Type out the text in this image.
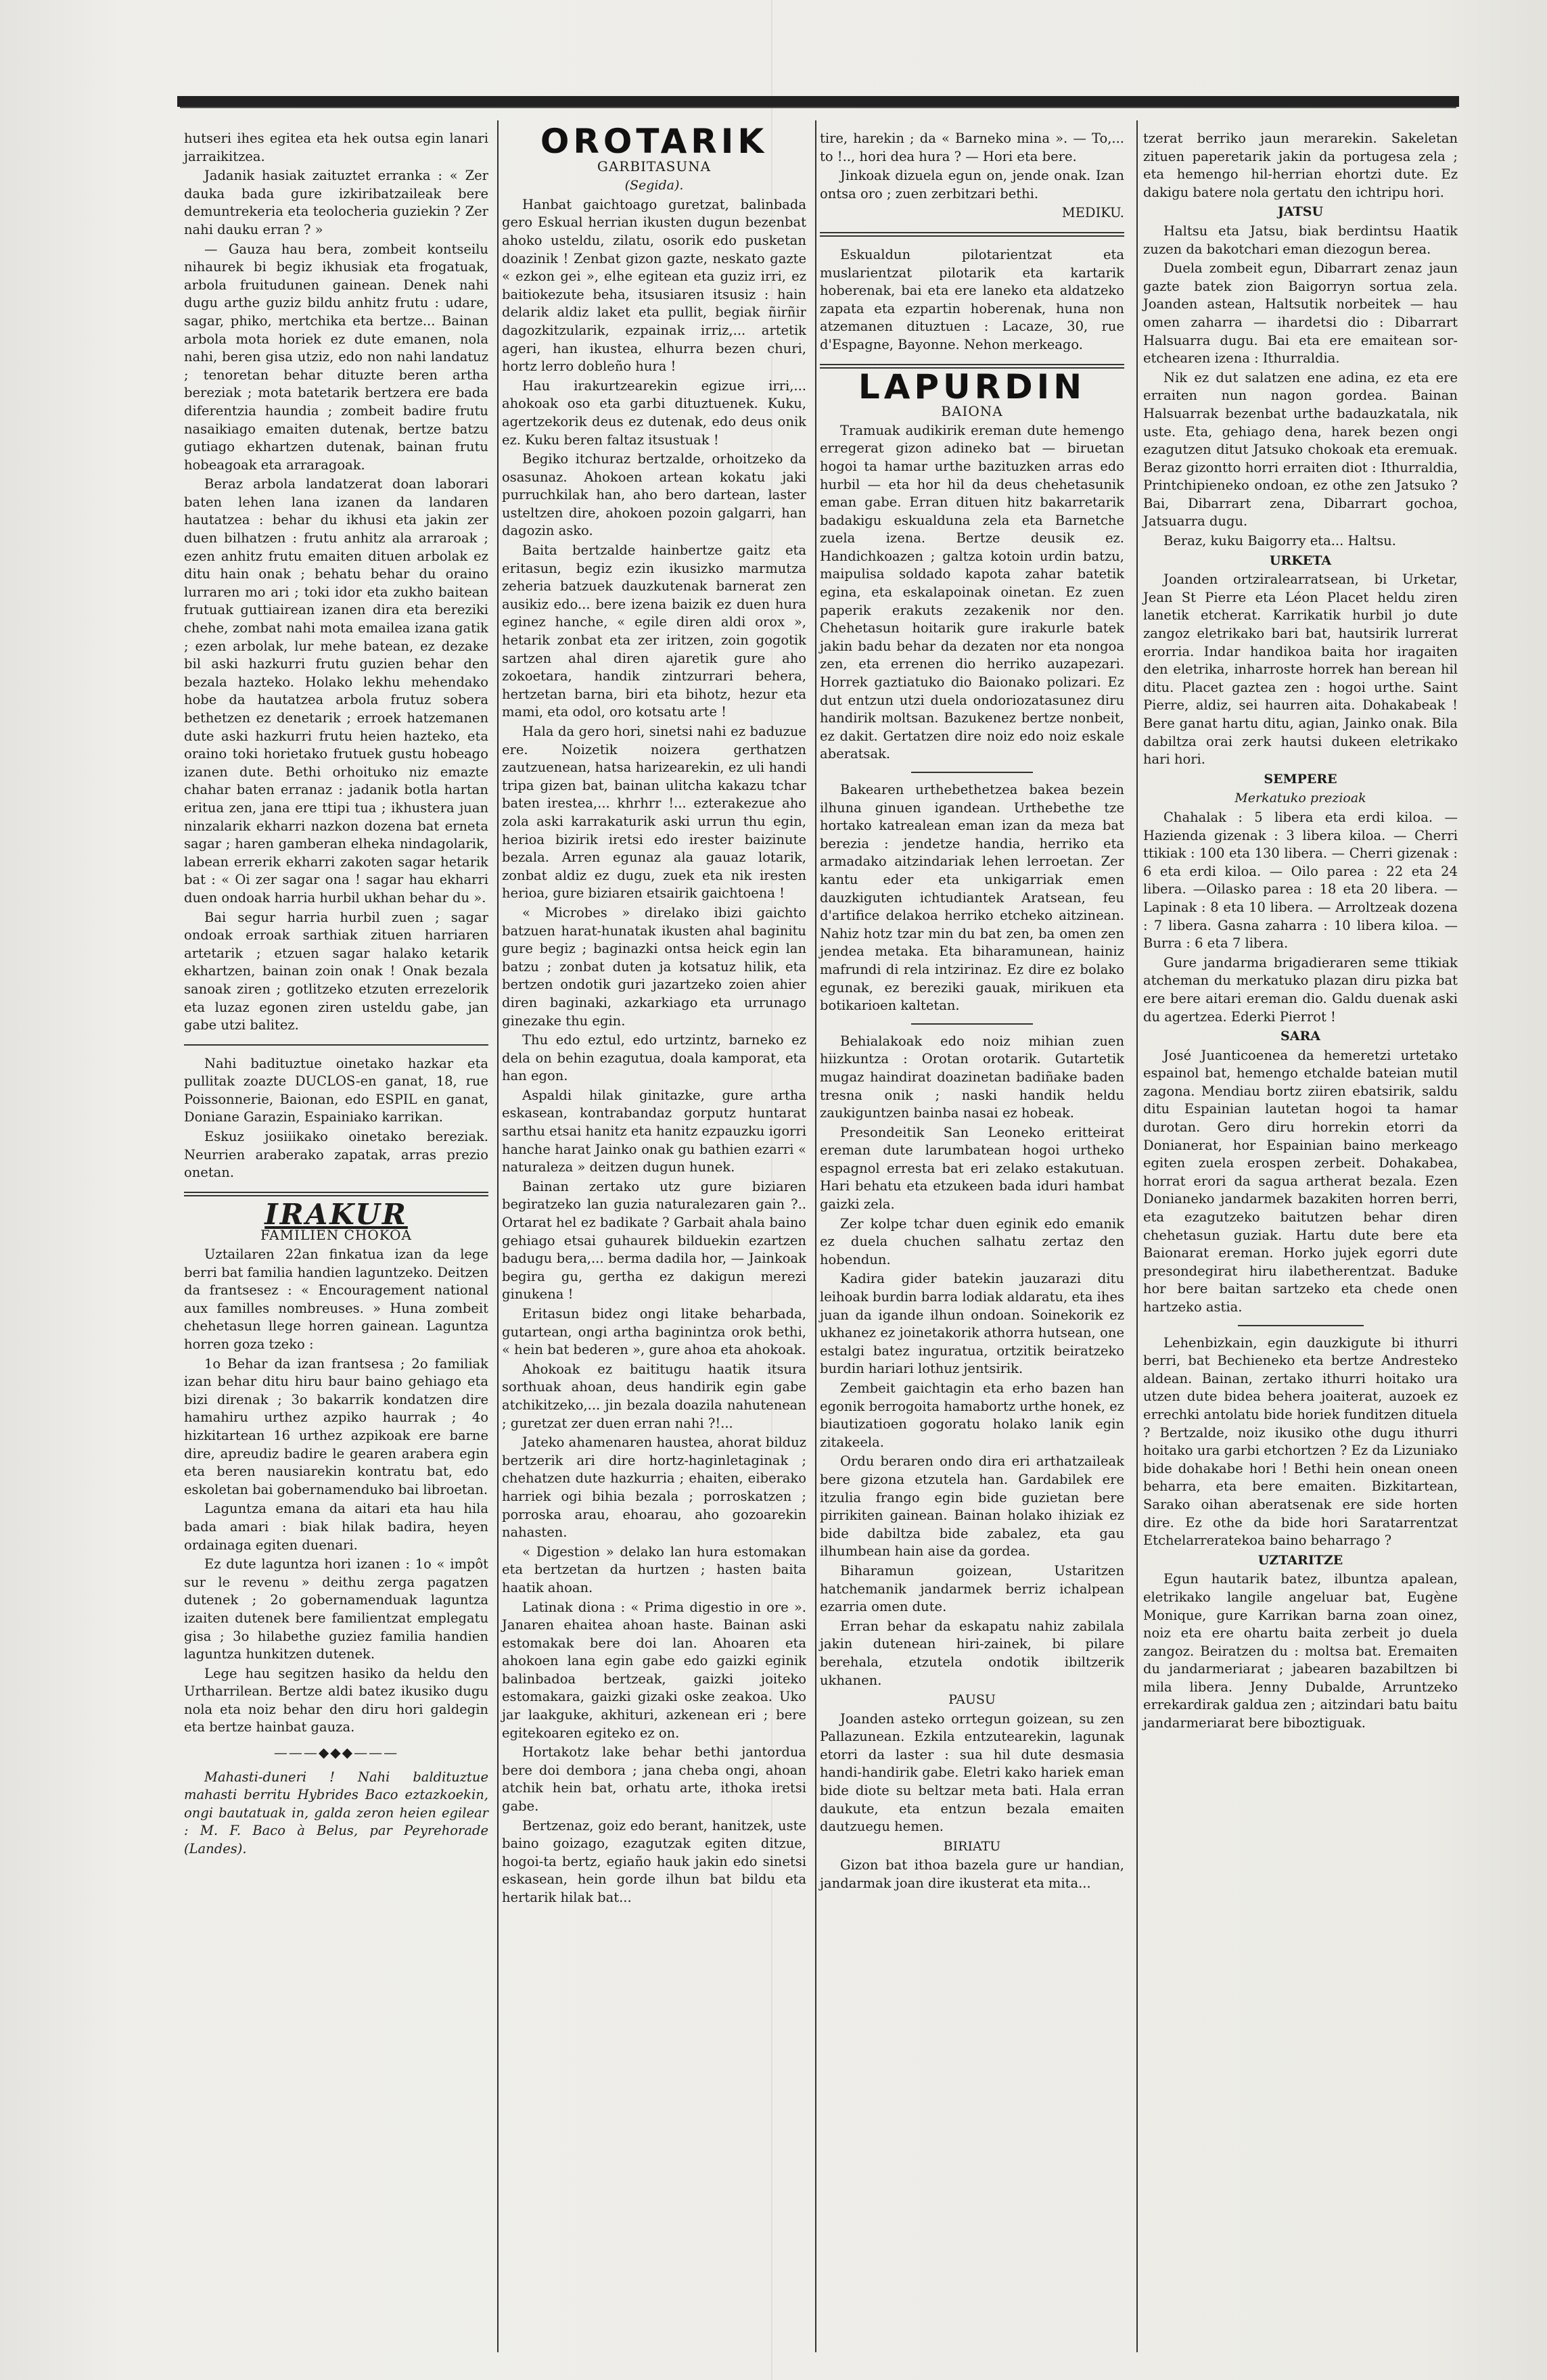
hutseri ihes egitea eta hek outsa egin lanari jarraikitzea.

Jadanik hasiak zaituztet erranka : « Zer dauka bada gure izkiribatzaileak bere demuntrekeria eta teolocheria guziekin ? Zer nahi dauku erran ? »

— Gauza hau bera, zombeit kontseilu nihaurek bi begiz ikhusiak eta frogatuak, arbola fruitudunen gainean. Denek nahi dugu arthe guziz bildu anhitz frutu : udare, sagar, phiko, mertchika eta bertze... Bainan arbola mota horiek ez dute emanen, nola nahi, beren gisa utziz, edo non nahi landatuz ; tenoretan behar dituzte beren artha bereziak ; mota batetarik bertzera ere bada diferentzia haundia ; zombeit badire frutu nasaikiago emaiten dutenak, bertze batzu gutiago ekhartzen dutenak, bainan frutu hobeagoak eta arraragoak.

Beraz arbola landatzerat doan laborari baten lehen lana izanen da landaren hautatzea : behar du ikhusi eta jakin zer duen bilhatzen : frutu anhitz ala arraroak ; ezen anhitz frutu emaiten dituen arbolak ez ditu hain onak ; behatu behar du oraino lurraren mo ari ; toki idor eta zukho baitean frutuak guttiairean izanen dira eta bereziki chehe, zombat nahi mota emailea izana gatik ; ezen arbolak, lur mehe batean, ez dezake bil aski hazkurri frutu guzien behar den bezala hazteko. Holako lekhu mehendako hobe da hautatzea arbola frutuz sobera bethetzen ez denetarik ; erroek hatzemanen dute aski hazkurri frutu heien hazteko, eta oraino toki horietako frutuek gustu hobeago izanen dute. Bethi orhoituko niz emazte chahar baten erranaz : jadanik botla hartan eritua zen, jana ere ttipi tua ; ikhustera juan ninzalarik ekharri nazkon dozena bat erneta sagar ; haren gamberan elheka nindagolarik, labean errerik ekharri zakoten sagar hetarik bat : « Oi zer sagar ona ! sagar hau ekharri duen ondoak harria hurbil ukhan behar du ».

Bai segur harria hurbil zuen ; sagar ondoak erroak sarthiak zituen harriaren artetarik ; etzuen sagar halako ketarik ekhartzen, bainan zoin onak ! Onak bezala sanoak ziren ; gotlitzeko etzuten errezelorik eta luzaz egonen ziren usteldu gabe, jan gabe utzi balitez.

Nahi badituztue oinetako hazkar eta pullitak zoazte DUCLOS-en ganat, 18, rue Poissonnerie, Baionan, edo ESPIL en ganat, Doniane Garazin, Espainiako karrikan.

Eskuz josiiikako oinetako bereziak. Neurrien araberako zapatak, arras prezio onetan.

IRAKUR

FAMILIEN CHOKOA

Uztailaren 22an finkatua izan da lege berri bat familia handien laguntzeko. Deitzen da frantsesez : « Encouragement national aux familles nombreuses. » Huna zombeit chehetasun llege horren gainean. Laguntza horren goza tzeko :

1o Behar da izan frantsesa ; 2o familiak izan behar ditu hiru baur baino gehiago eta bizi direnak ; 3o bakarrik kondatzen dire hamahiru urthez azpiko haurrak ; 4o hizkitartean 16 urthez azpikoak ere barne dire, apreudiz badire le gearen arabera egin eta beren nausiarekin kontratu bat, edo eskoletan bai gobernamenduko bai libroetan.

Laguntza emana da aitari eta hau hila bada amari : biak hilak badira, heyen ordainaga egiten duenari.

Ez dute laguntza hori izanen : 1o « impôt sur le revenu » deithu zerga pagatzen dutenek ; 2o gobernamenduak laguntza izaiten dutenek bere familientzat emplegatu gisa ; 3o hilabethe guziez familia handien laguntza hunkitzen dutenek.

Lege hau segitzen hasiko da heldu den Urtharrilean. Bertze aldi batez ikusiko dugu nola eta noiz behar den diru hori galdegin eta bertze hainbat gauza.

———◆◆◆———

Mahasti-duneri ! Nahi baldituztue mahasti berritu Hybrides Baco eztazkoekin, ongi bautatuak in, galda zeron heien egilear : M. F. Baco à Belus, par Peyrehorade (Landes).

OROTARIK

GARBITASUNA

(Segida).

Hanbat gaichtoago guretzat, balinbada gero Eskual herrian ikusten dugun bezenbat ahoko usteldu, zilatu, osorik edo pusketan doazinik ! Zenbat gizon gazte, neskato gazte « ezkon gei », elhe egitean eta guziz irri, ez baitiokezute beha, itsusiaren itsusiz : hain delarik aldiz laket eta pullit, begiak ñirñir dagozkitzularik, ezpainak irriz,... artetik ageri, han ikustea, elhurra bezen churi, hortz lerro dobleño hura !

Hau irakurtzearekin egizue irri,... ahokoak oso eta garbi dituztuenek. Kuku, agertzekorik deus ez dutenak, edo deus onik ez. Kuku beren faltaz itsustuak !

Begiko itchuraz bertzalde, orhoitzeko da osasunaz. Ahokoen artean kokatu jaki purruchkilak han, aho bero dartean, laster usteltzen dire, ahokoen pozoin galgarri, han dagozin asko.

Baita bertzalde hainbertze gaitz eta eritasun, begiz ezin ikusizko marmutza zeheria batzuek dauzkutenak barnerat zen ausikiz edo... bere izena baizik ez duen hura eginez hanche, « egile diren aldi orox », hetarik zonbat eta zer iritzen, zoin gogotik sartzen ahal diren ajaretik gure aho zokoetara, handik zintzurrari behera, hertzetan barna, biri eta bihotz, hezur eta mami, eta odol, oro kotsatu arte !

Hala da gero hori, sinetsi nahi ez baduzue ere. Noizetik noizera gerthatzen zautzuenean, hatsa harizearekin, ez uli handi tripa gizen bat, bainan ulitcha kakazu tchar baten irestea,... khrhrr !... ezterakezue aho zola aski karrakaturik aski urrun thu egin, herioa bizirik iretsi edo irester baizinute bezala. Arren egunaz ala gauaz lotarik, zonbat aldiz ez dugu, zuek eta nik iresten herioa, gure biziaren etsairik gaichtoena !

« Microbes » direlako ibizi gaichto batzuen harat-hunatak ikusten ahal baginitu gure begiz ; baginazki ontsa heick egin lan batzu ; zonbat duten ja kotsatuz hilik, eta bertzen ondotik guri jazartzeko zoien ahier diren baginaki, azkarkiago eta urrunago ginezake thu egin.

Thu edo eztul, edo urtzintz, barneko ez dela on behin ezagutua, doala kamporat, eta han egon.

Aspaldi hilak ginitazke, gure artha eskasean, kontrabandaz gorputz huntarat sarthu etsai hanitz eta hanitz ezpauzku igorri hanche harat Jainko onak gu bathien ezarri « naturaleza » deitzen dugun hunek.

Bainan zertako utz gure biziaren begiratzeko lan guzia naturalezaren gain ?.. Ortarat hel ez badikate ? Garbait ahala baino gehiago etsai guhaurek bilduekin ezartzen badugu bera,... berma dadila hor, — Jainkoak begira gu, gertha ez dakigun merezi ginukena !

Eritasun bidez ongi litake beharbada, gutartean, ongi artha baginintza orok bethi, « hein bat bederen », gure ahoa eta ahokoak.

Ahokoak ez baititugu haatik itsura sorthuak ahoan, deus handirik egin gabe atchikitzeko,... jin bezala doazila nahutenean ; guretzat zer duen erran nahi ?!...

Jateko ahamenaren haustea, ahorat bilduz bertzerik ari dire hortz-haginletaginak ; chehatzen dute hazkurria ; ehaiten, eiberako harriek ogi bihia bezala ; porroskatzen ; porroska arau, ehoarau, aho gozoarekin nahasten.

« Digestion » delako lan hura estomakan eta bertzetan da hurtzen ; hasten baita haatik ahoan.

Latinak diona : « Prima digestio in ore ». Janaren ehaitea ahoan haste. Bainan aski estomakak bere doi lan. Ahoaren eta ahokoen lana egin gabe edo gaizki eginik balinbadoa bertzeak, gaizki joiteko estomakara, gaizki gizaki oske zeakoa. Uko jar laakguke, akhituri, azkenean eri ; bere egitekoaren egiteko ez on.

Hortakotz lake behar bethi jantordua bere doi dembora ; jana cheba ongi, ahoan atchik hein bat, orhatu arte, ithoka iretsi gabe.

Bertzenaz, goiz edo berant, hanitzek, uste baino goizago, ezagutzak egiten ditzue, hogoi-ta bertz, egiaño hauk jakin edo sinetsi eskasean, hein gorde ilhun bat bildu eta hertarik hilak bat...

tire, harekin ; da « Barneko mina ». — To,... to !.., hori dea hura ? — Hori eta bere.

Jinkoak dizuela egun on, jende onak. Izan ontsa oro ; zuen zerbitzari bethi.

MEDIKU.

Eskualdun pilotarientzat eta muslarientzat pilotarik eta kartarik hoberenak, bai eta ere laneko eta aldatzeko zapata eta ezpartin hoberenak, huna non atzemanen dituztuen : Lacaze, 30, rue d'Espagne, Bayonne. Nehon merkeago.

LAPURDIN

BAIONA

Tramuak audikirik ereman dute hemengo erregerat gizon adineko bat — biruetan hogoi ta hamar urthe bazituzken arras edo hurbil — eta hor hil da deus chehetasunik eman gabe. Erran dituen hitz bakarretarik badakigu eskualduna zela eta Barnetche zuela izena. Bertze deusik ez. Handichkoazen ; galtza kotoin urdin batzu, maipulisa soldado kapota zahar batetik egina, eta eskalapoinak oinetan. Ez zuen paperik erakuts zezakenik nor den. Chehetasun hoitarik gure irakurle batek jakin badu behar da dezaten nor eta nongoa zen, eta errenen dio herriko auzapezari. Horrek gaztiatuko dio Baionako polizari. Ez dut entzun utzi duela ondoriozatasunez diru handirik moltsan. Bazukenez bertze nonbeit, ez dakit. Gertatzen dire noiz edo noiz eskale aberatsak.

Bakearen urthebethetzea bakea bezein ilhuna ginuen igandean. Urthebethe tze hortako katrealean eman izan da meza bat berezia : jendetze handia, herriko eta armadako aitzindariak lehen lerroetan. Zer kantu eder eta unkigarriak emen dauzkiguten ichtudiantek Aratsean, feu d'artifice delakoa herriko etcheko aitzinean. Nahiz hotz tzar min du bat zen, ba omen zen jendea metaka. Eta biharamunean, hainiz mafrundi di rela intzirinaz. Ez dire ez bolako egunak, ez bereziki gauak, mirikuen eta botikarioen kaltetan.

Behialakoak edo noiz mihian zuen hiizkuntza : Orotan orotarik. Gutartetik mugaz haindirat doazinetan badiñake baden tresna onik ; naski handik heldu zaukiguntzen bainba nasai ez hobeak.

Presondeitik San Leoneko eritteirat ereman dute larumbatean hogoi urtheko espagnol erresta bat eri zelako estakutuan. Hari behatu eta etzukeen bada iduri hambat gaizki zela.

Zer kolpe tchar duen eginik edo emanik ez duela chuchen salhatu zertaz den hobendun.

Kadira gider batekin jauzarazi ditu leihoak burdin barra lodiak aldaratu, eta ihes juan da igande ilhun ondoan. Soinekorik ez ukhanez ez joinetakorik athorra hutsean, one estalgi batez inguratua, ortzitik beiratzeko burdin hariari lothuz jentsirik.

Zembeit gaichtagin eta erho bazen han egonik berrogoita hamabortz urthe honek, ez biautizatioen gogoratu holako lanik egin zitakeela.

Ordu beraren ondo dira eri arthatzaileak bere gizona etzutela han. Gardabilek ere itzulia frango egin bide guzietan bere pirrikiten gainean. Bainan holako ihiziak ez bide dabiltza bide zabalez, eta gau ilhumbean hain aise da gordea.

Biharamun goizean, Ustaritzen hatchemanik jandarmek berriz ichalpean ezarria omen dute.

Erran behar da eskapatu nahiz zabilala jakin dutenean hiri-zainek, bi pilare berehala, etzutela ondotik ibiltzerik ukhanen.

PAUSU

Joanden asteko orrtegun goizean, su zen Pallazunean. Ezkila entzutearekin, lagunak etorri da laster : sua hil dute desmasia handi-handirik gabe. Eletri kako hariek eman bide diote su beltzar meta bati. Hala erran daukute, eta entzun bezala emaiten dautzuegu hemen.

BIRIATU

Gizon bat ithoa bazela gure ur handian, jandarmak joan dire ikusterat eta mita...

tzerat berriko jaun merarekin. Sakeletan zituen paperetarik jakin da portugesa zela ; eta hemengo hil-herrian ehortzi dute. Ez dakigu batere nola gertatu den ichtripu hori.

JATSU

Haltsu eta Jatsu, biak berdintsu Haatik zuzen da bakotchari eman diezogun berea.

Duela zombeit egun, Dibarrart zenaz jaun gazte batek zion Baigorryn sortua zela. Joanden astean, Haltsutik norbeitek — hau omen zaharra — ihardetsi dio : Dibarrart Halsuarra dugu. Bai eta ere emaitean sor-etchearen izena : Ithurraldia.

Nik ez dut salatzen ene adina, ez eta ere erraiten nun nagon gordea. Bainan Halsuarrak bezenbat urthe badauzkatala, nik uste. Eta, gehiago dena, harek bezen ongi ezagutzen ditut Jatsuko chokoak eta eremuak. Beraz gizontto horri erraiten diot : Ithurraldia, Printchipieneko ondoan, ez othe zen Jatsuko ? Bai, Dibarrart zena, Dibarrart gochoa, Jatsuarra dugu.

Beraz, kuku Baigorry eta... Haltsu.

URKETA

Joanden ortziralearratsean, bi Urketar, Jean St Pierre eta Léon Placet heldu ziren lanetik etcherat. Karrikatik hurbil jo dute zangoz eletrikako bari bat, hautsirik lurrerat erorria. Indar handikoa baita hor iragaiten den eletrika, inharroste horrek han berean hil ditu. Placet gaztea zen : hogoi urthe. Saint Pierre, aldiz, sei haurren aita. Dohakabeak ! Bere ganat hartu ditu, agian, Jainko onak. Bila dabiltza orai zerk hautsi dukeen eletrikako hari hori.

SEMPERE

Merkatuko prezioak

Chahalak : 5 libera eta erdi kiloa. — Hazienda gizenak : 3 libera kiloa. — Cherri ttikiak : 100 eta 130 libera. — Cherri gizenak : 6 eta erdi kiloa. — Oilo parea : 22 eta 24 libera. —Oilasko parea : 18 eta 20 libera. — Lapinak : 8 eta 10 libera. — Arroltzeak dozena : 7 libera. Gasna zaharra : 10 libera kiloa. — Burra : 6 eta 7 libera.

Gure jandarma brigadieraren seme ttikiak atcheman du merkatuko plazan diru pizka bat ere bere aitari ereman dio. Galdu duenak aski du agertzea. Ederki Pierrot !

SARA

José Juanticoenea da hemeretzi urtetako espainol bat, hemengo etchalde bateian mutil zagona. Mendiau bortz ziiren ebatsirik, saldu ditu Espainian lautetan hogoi ta hamar durotan. Gero diru horrekin etorri da Donianerat, hor Espainian baino merkeago egiten zuela erospen zerbeit. Dohakabea, horrat erori da sagua artherat bezala. Ezen Donianeko jandarmek bazakiten horren berri, eta ezagutzeko baitutzen behar diren chehetasun guziak. Hartu dute bere eta Baionarat ereman. Horko jujek egorri dute presondegirat hiru ilabetherentzat. Baduke hor bere baitan sartzeko eta chede onen hartzeko astia.

Lehenbizkain, egin dauzkigute bi ithurri berri, bat Bechieneko eta bertze Andresteko aldean. Bainan, zertako ithurri hoitako ura utzen dute bidea behera joaiterat, auzoek ez errechki antolatu bide horiek funditzen dituela ? Bertzalde, noiz ikusiko othe dugu ithurri hoitako ura garbi etchortzen ? Ez da Lizuniako bide dohakabe hori ! Bethi hein onean oneen beharra, eta bere emaiten. Bizkitartean, Sarako oihan aberatsenak ere side horten dire. Ez othe da bide hori Saratarrentzat Etchelarreratekoa baino beharrago ?

UZTARITZE

Egun hautarik batez, ilbuntza apalean, eletrikako langile angeluar bat, Eugène Monique, gure Karrikan barna zoan oinez, noiz eta ere ohartu baita zerbeit jo duela zangoz. Beiratzen du : moltsa bat. Eremaiten du jandarmeriarat ; jabearen bazabiltzen bi mila libera. Jenny Dubalde, Arruntzeko errekardirak galdua zen ; aitzindari batu baitu jandarmeriarat bere biboztiguak.
